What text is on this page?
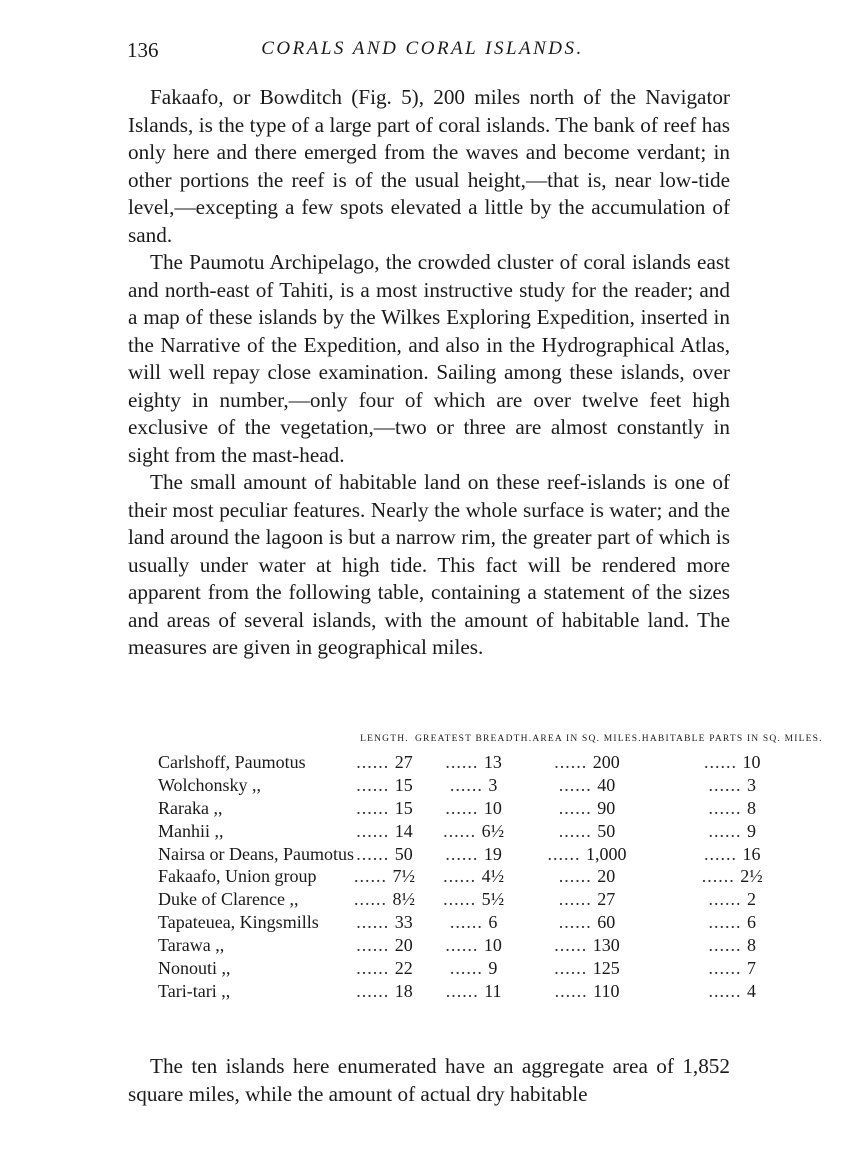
136	CORALS AND CORAL ISLANDS.

Fakaafo, or Bowditch (Fig. 5), 200 miles north of the Navigator Islands, is the type of a large part of coral islands. The bank of reef has only here and there emerged from the waves and become verdant; in other portions the reef is of the usual height,—that is, near low-tide level,—excepting a few spots elevated a little by the accumulation of sand.

The Paumotu Archipelago, the crowded cluster of coral islands east and north-east of Tahiti, is a most instructive study for the reader; and a map of these islands by the Wilkes Exploring Expedition, inserted in the Narrative of the Expedition, and also in the Hydrographical Atlas, will well repay close examination. Sailing among these islands, over eighty in number,—only four of which are over twelve feet high exclusive of the vegetation,—two or three are almost constantly in sight from the mast-head.

The small amount of habitable land on these reef-islands is one of their most peculiar features. Nearly the whole surface is water; and the land around the lagoon is but a narrow rim, the greater part of which is usually under water at high tide. This fact will be rendered more apparent from the following table, containing a statement of the sizes and areas of several islands, with the amount of habitable land. The measures are given in geographical miles.

	LENGTH.	GREATEST BREADTH.	AREA IN SQ. MILES.	HABITABLE PARTS IN SQ. MILES.
Carlshoff, Paumotus	...... 27	...... 13	...... 200	...... 10
Wolchonsky ,,	...... 15	...... 3	...... 40	...... 3
Raraka ,,	...... 15	...... 10	...... 90	...... 8
Manhii ,,	...... 14	...... 6½	...... 50	...... 9
Nairsa or Deans, Paumotus	...... 50	...... 19	...... 1,000	...... 16
Fakaafo, Union group	...... 7½	...... 4½	...... 20	...... 2½
Duke of Clarence ,,	...... 8½	...... 5½	...... 27	...... 2
Tapateuea, Kingsmills	...... 33	...... 6	...... 60	...... 6
Tarawa ,,	...... 20	...... 10	...... 130	...... 8
Nonouti ,,	...... 22	...... 9	...... 125	...... 7
Tari-tari ,,	...... 18	...... 11	...... 110	...... 4

The ten islands here enumerated have an aggregate area of 1,852 square miles, while the amount of actual dry habitable
